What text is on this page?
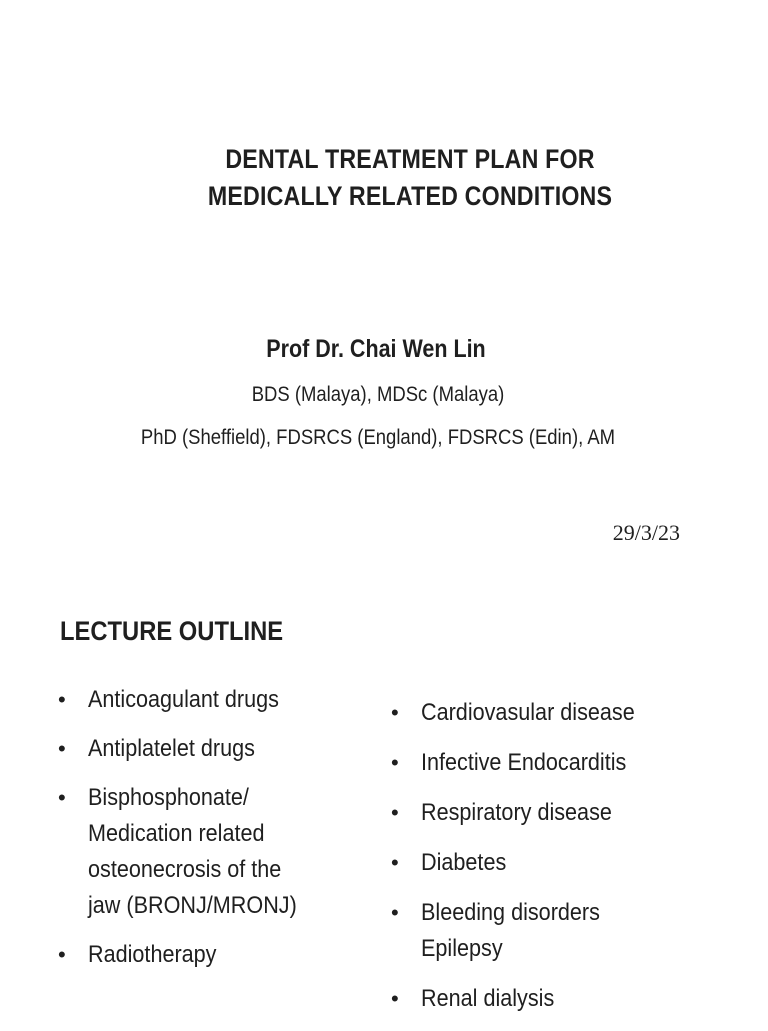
DENTAL TREATMENT PLAN FOR
MEDICALLY RELATED CONDITIONS
Prof Dr. Chai Wen Lin
BDS (Malaya), MDSc (Malaya)
PhD (Sheffield), FDSRCS (England), FDSRCS (Edin), AM
29/3/23
LECTURE OUTLINE
• Anticoagulant drugs
• Antiplatelet drugs
• Bisphosphonate/
Medication related
osteonecrosis of the
jaw (BRONJ/MRONJ)
• Radiotherapy
• Cardiovasular disease
• Infective Endocarditis
• Respiratory disease
• Diabetes
• Bleeding disorders
Epilepsy
• Renal dialysis
